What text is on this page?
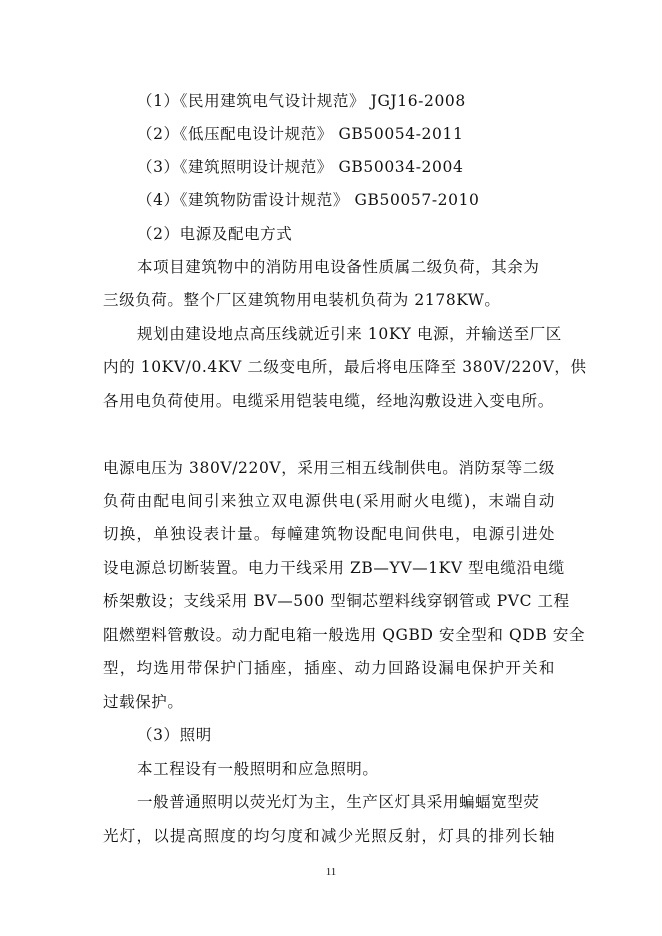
（1）《民用建筑电气设计规范》 JGJ16-2008
（2）《低压配电设计规范》 GB50054-2011
（3）《建筑照明设计规范》 GB50034-2004
（4）《建筑物防雷设计规范》 GB50057-2010
（2）电源及配电方式
本项目建筑物中的消防用电设备性质属二级负荷，其余为
三级负荷。整个厂区建筑物用电装机负荷为 2178KW。
规划由建设地点高压线就近引来 10KY 电源，并输送至厂区
内的 10KV/0.4KV 二级变电所，最后将电压降至 380V/220V，供
各用电负荷使用。电缆采用铠装电缆，经地沟敷设进入变电所。
电源电压为 380V/220V，采用三相五线制供电。消防泵等二级
负荷由配电间引来独立双电源供电(采用耐火电缆)，末端自动
切换，单独设表计量。每幢建筑物设配电间供电，电源引进处
设电源总切断装置。电力干线采用 ZB—YV—1KV 型电缆沿电缆
桥架敷设；支线采用 BV—500 型铜芯塑料线穿钢管或 PVC 工程
阻燃塑料管敷设。动力配电箱一般选用 QGBD 安全型和 QDB 安全
型，均选用带保护门插座，插座、动力回路设漏电保护开关和
过载保护。
（3）照明
本工程设有一般照明和应急照明。
一般普通照明以荧光灯为主，生产区灯具采用蝙蝠宽型荧
光灯，以提高照度的均匀度和减少光照反射，灯具的排列长轴
11
